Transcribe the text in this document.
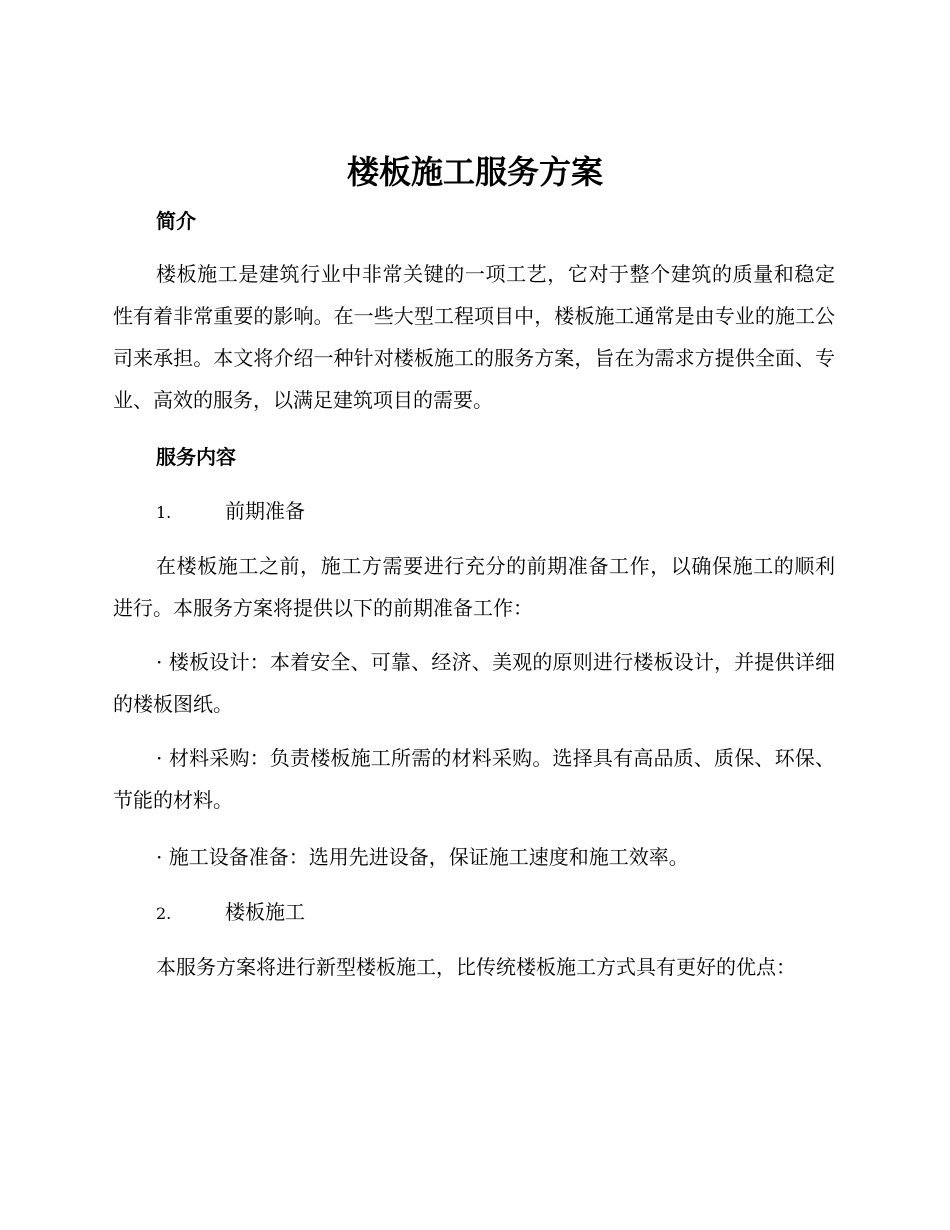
楼板施工服务方案
简介

楼板施工是建筑行业中非常关键的一项工艺，它对于整个建筑的质量和稳定性有着非常重要的影响。在一些大型工程项目中，楼板施工通常是由专业的施工公司来承担。本文将介绍一种针对楼板施工的服务方案，旨在为需求方提供全面、专业、高效的服务，以满足建筑项目的需要。

服务内容
1.	前期准备

在楼板施工之前，施工方需要进行充分的前期准备工作，以确保施工的顺利进行。本服务方案将提供以下的前期准备工作：

· 楼板设计：本着安全、可靠、经济、美观的原则进行楼板设计，并提供详细的楼板图纸。

· 材料采购：负责楼板施工所需的材料采购。选择具有高品质、质保、环保、节能的材料。

· 施工设备准备：选用先进设备，保证施工速度和施工效率。

2.	楼板施工

本服务方案将进行新型楼板施工，比传统楼板施工方式具有更好的优点：
